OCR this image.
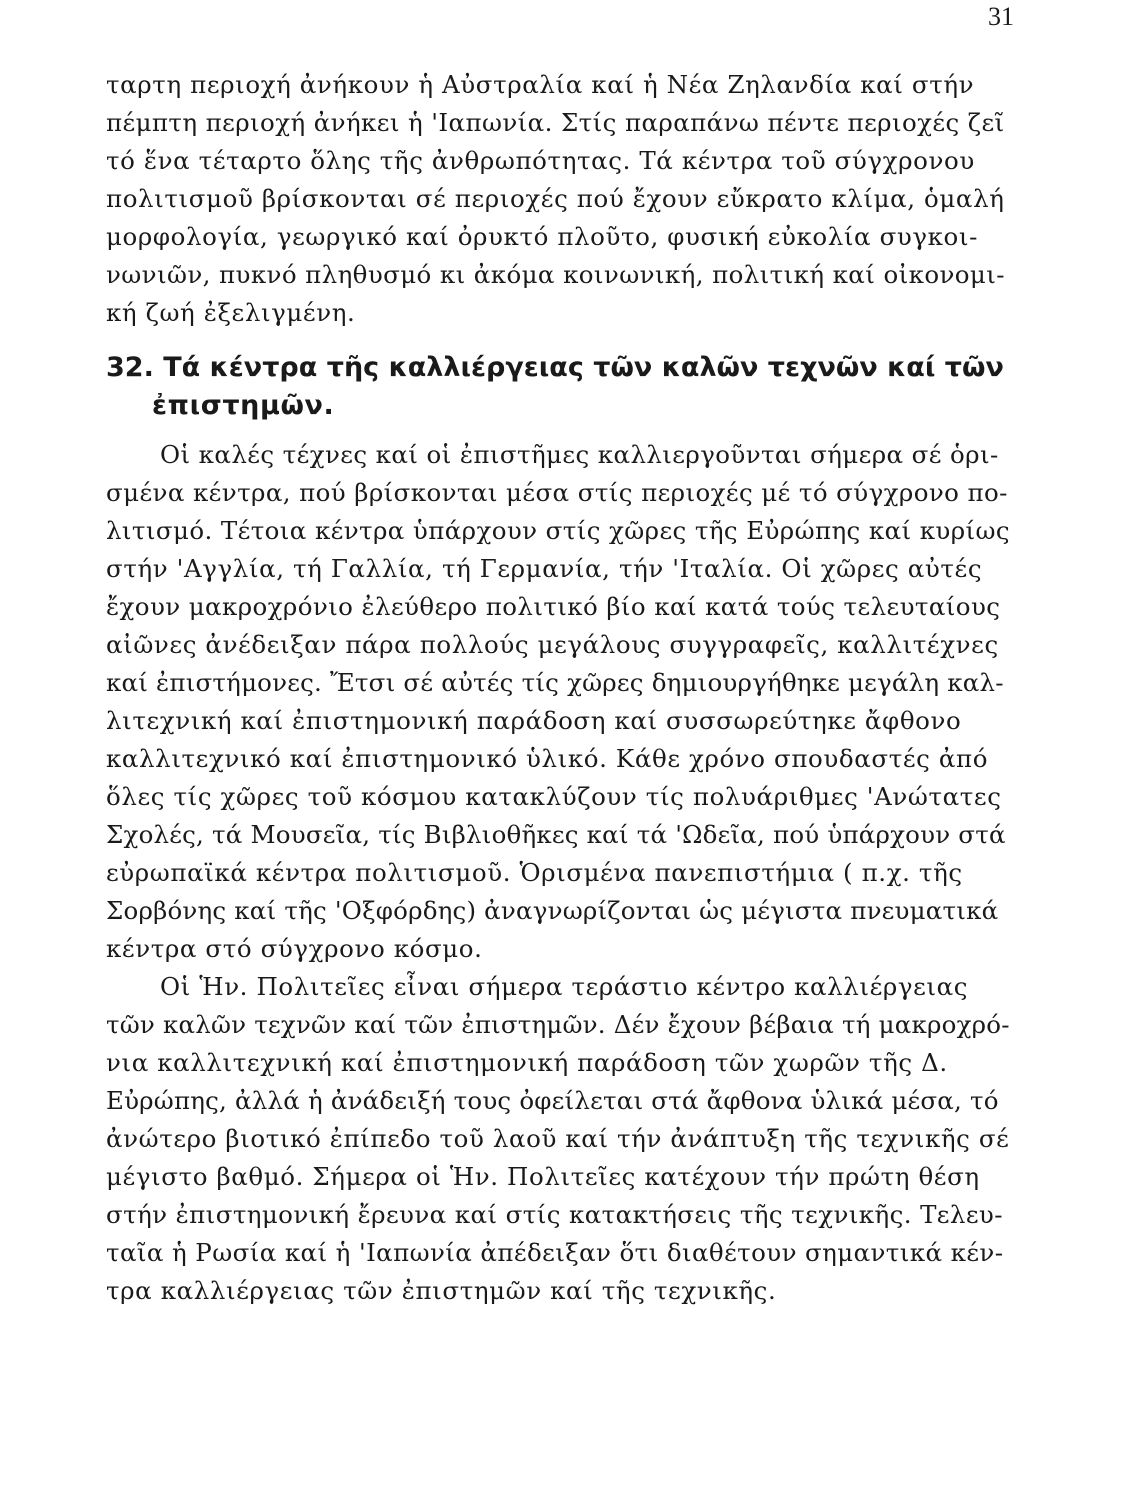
31
ταρτη περιοχή ἀνήκουν ἡ Αὐστραλία καί ἡ Νέα Ζηλανδία καί στήν
πέμπτη περιοχή ἀνήκει ἡ 'Ιαπωνία. Στίς παραπάνω πέντε περιοχές ζεῖ
τό ἕνα τέταρτο ὅλης τῆς ἀνθρωπότητας. Τά κέντρα τοῦ σύγχρονου
πολιτισμοῦ βρίσκονται σέ περιοχές πού ἔχουν εὔκρατο κλίμα, ὁμαλή
μορφολογία, γεωργικό καί ὀρυκτό πλοῦτο, φυσική εὐκολία συγκοι-
νωνιῶν, πυκνό πληθυσμό κι ἀκόμα κοινωνική, πολιτική καί οἰκονομι-
κή ζωή ἐξελιγμένη.
32. Τά κέντρα τῆς καλλιέργειας τῶν καλῶν τεχνῶν καί τῶν
ἐπιστημῶν.
Οἱ καλές τέχνες καί οἱ ἐπιστῆμες καλλιεργοῦνται σήμερα σέ ὁρι-
σμένα κέντρα, πού βρίσκονται μέσα στίς περιοχές μέ τό σύγχρονο πο-
λιτισμό. Τέτοια κέντρα ὑπάρχουν στίς χῶρες τῆς Εὐρώπης καί κυρίως
στήν 'Αγγλία, τή Γαλλία, τή Γερμανία, τήν 'Ιταλία. Οἱ χῶρες αὐτές
ἔχουν μακροχρόνιο ἐλεύθερο πολιτικό βίο καί κατά τούς τελευταίους
αἰῶνες ἀνέδειξαν πάρα πολλούς μεγάλους συγγραφεῖς, καλλιτέχνες
καί ἐπιστήμονες. Ἔτσι σέ αὐτές τίς χῶρες δημιουργήθηκε μεγάλη καλ-
λιτεχνική καί ἐπιστημονική παράδοση καί συσσωρεύτηκε ἄφθονο
καλλιτεχνικό καί ἐπιστημονικό ὑλικό. Κάθε χρόνο σπουδαστές ἀπό
ὅλες τίς χῶρες τοῦ κόσμου κατακλύζουν τίς πολυάριθμες 'Ανώτατες
Σχολές, τά Μουσεῖα, τίς Βιβλιοθῆκες καί τά 'Ωδεῖα, πού ὑπάρχουν στά
εὐρωπαϊκά κέντρα πολιτισμοῦ. Ὁρισμένα πανεπιστήμια ( π.χ. τῆς
Σορβόνης καί τῆς 'Οξφόρδης) ἀναγνωρίζονται ὡς μέγιστα πνευματικά
κέντρα στό σύγχρονο κόσμο.
Οἱ Ἡν. Πολιτεῖες εἶναι σήμερα τεράστιο κέντρο καλλιέργειας
τῶν καλῶν τεχνῶν καί τῶν ἐπιστημῶν. Δέν ἔχουν βέβαια τή μακροχρό-
νια καλλιτεχνική καί ἐπιστημονική παράδοση τῶν χωρῶν τῆς Δ.
Εὐρώπης, ἀλλά ἡ ἀνάδειξή τους ὀφείλεται στά ἄφθονα ὑλικά μέσα, τό
ἀνώτερο βιοτικό ἐπίπεδο τοῦ λαοῦ καί τήν ἀνάπτυξη τῆς τεχνικῆς σέ
μέγιστο βαθμό. Σήμερα οἱ Ἡν. Πολιτεῖες κατέχουν τήν πρώτη θέση
στήν ἐπιστημονική ἔρευνα καί στίς κατακτήσεις τῆς τεχνικῆς. Τελευ-
ταῖα ἡ Ρωσία καί ἡ 'Ιαπωνία ἀπέδειξαν ὅτι διαθέτουν σημαντικά κέν-
τρα καλλιέργειας τῶν ἐπιστημῶν καί τῆς τεχνικῆς.
